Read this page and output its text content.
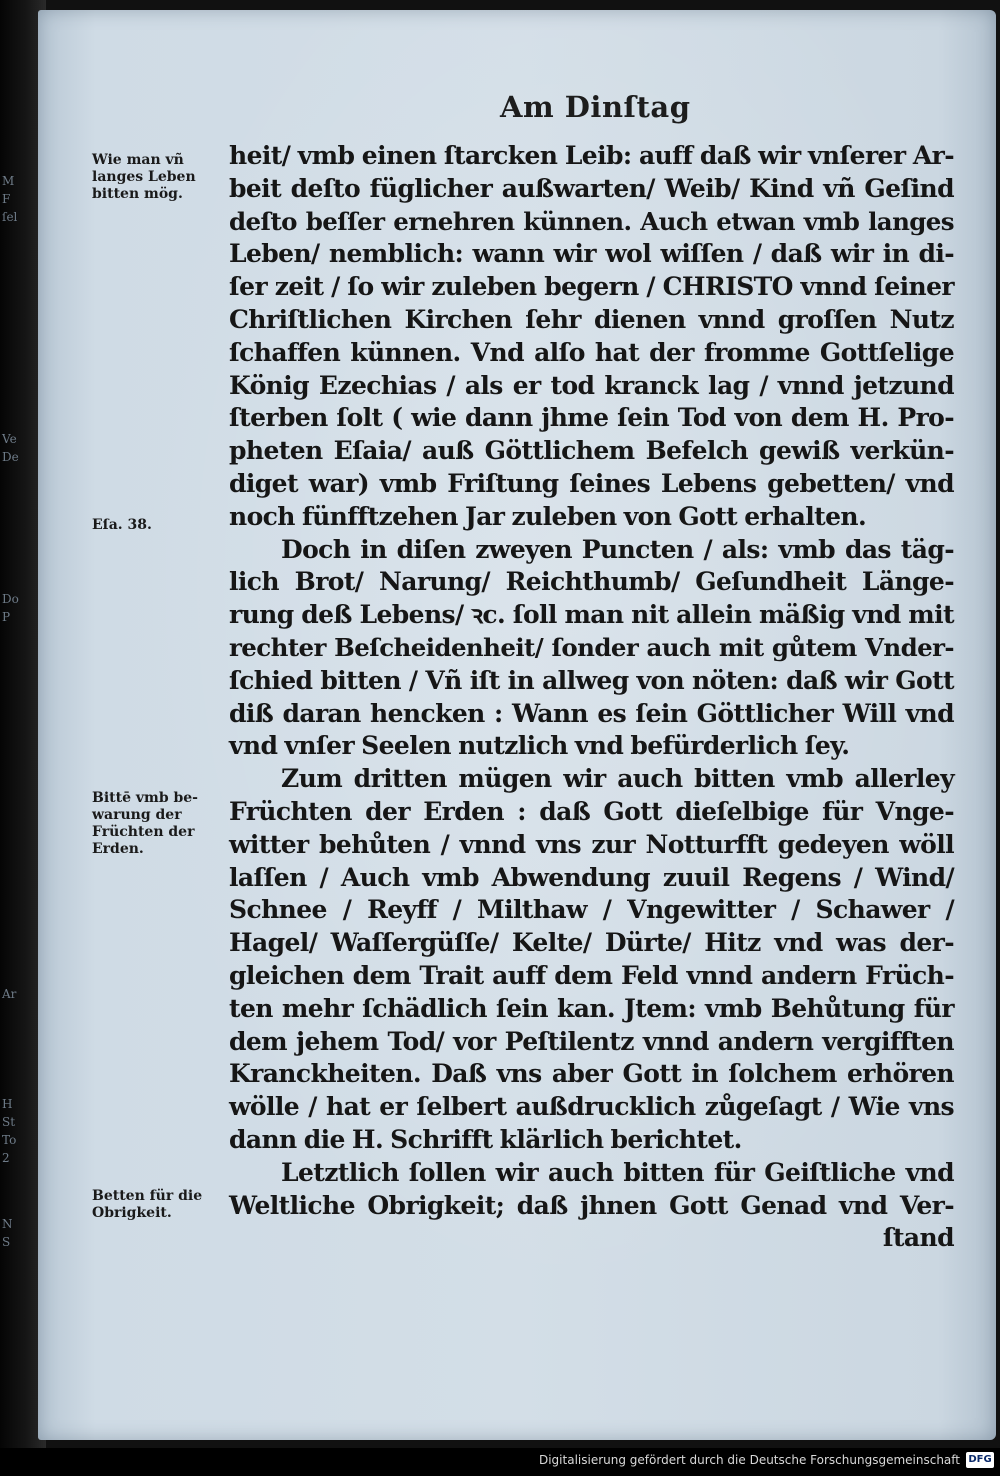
M
F
ſel
Ve
De
Do
P
Ar
H
St
To
2
N
S
Am Dinſtag
Wie man vñ
langes Leben
bitten mög.
Eſa. 38.
Bittē vmb be-
warung der
Früchten der
Erden.
Betten für die
Obrigkeit.
heit/ vmb einen ſtarcken Leib: auff daß wir vnſerer Ar-
beit deſto füglicher außwarten/ Weib/ Kind vñ Geſind
deſto beſſer ernehren künnen. Auch etwan vmb langes
Leben/ nemblich: wann wir wol wiſſen / daß wir in di-
ſer zeit / ſo wir zuleben begern / CHRISTO vnnd ſeiner
Chriſtlichen Kirchen ſehr dienen vnnd groſſen Nutz
ſchaffen künnen. Vnd alſo hat der fromme Gottſelige
König Ezechias / als er tod kranck lag / vnnd jetzund
ſterben ſolt ( wie dann jhme ſein Tod von dem H. Pro-
pheten Eſaia/ auß Göttlichem Befelch gewiß verkün-
diget war) vmb Friſtung ſeines Lebens gebetten/ vnd
noch fünfftzehen Jar zuleben von Gott erhalten.
Doch in diſen zweyen Puncten / als: vmb das täg-
lich Brot/ Narung/ Reichthumb/ Geſundheit Länge-
rung deß Lebens/ ꝛc. ſoll man nit allein mäßig vnd mit
rechter Beſcheidenheit/ ſonder auch mit gůtem Vnder-
ſchied bitten / Vñ iſt in allweg von nöten: daß wir Gott
diß daran hencken : Wann es ſein Göttlicher Will vnd
vnd vnſer Seelen nutzlich vnd befürderlich ſey.
Zum dritten mügen wir auch bitten vmb allerley
Früchten der Erden : daß Gott dieſelbige für Vnge-
witter behůten / vnnd vns zur Notturfft gedeyen wöll
laſſen / Auch vmb Abwendung zuuil Regens / Wind/
Schnee / Reyff / Milthaw / Vngewitter / Schawer /
Hagel/ Waſſergüſſe/ Kelte/ Dürte/ Hitz vnd was der-
gleichen dem Trait auff dem Feld vnnd andern Früch-
ten mehr ſchädlich ſein kan. Jtem: vmb Behůtung für
dem jehem Tod/ vor Peſtilentz vnnd andern vergifften
Kranckheiten. Daß vns aber Gott in ſolchem erhören
wölle / hat er ſelbert außdrucklich zůgeſagt / Wie vns
dann die H. Schrifft klärlich berichtet.
Letztlich ſollen wir auch bitten für Geiſtliche vnd
Weltliche Obrigkeit; daß jhnen Gott Genad vnd Ver-
ſtand
Digitalisierung gefördert durch die Deutsche Forschungsgemeinschaft DFG
